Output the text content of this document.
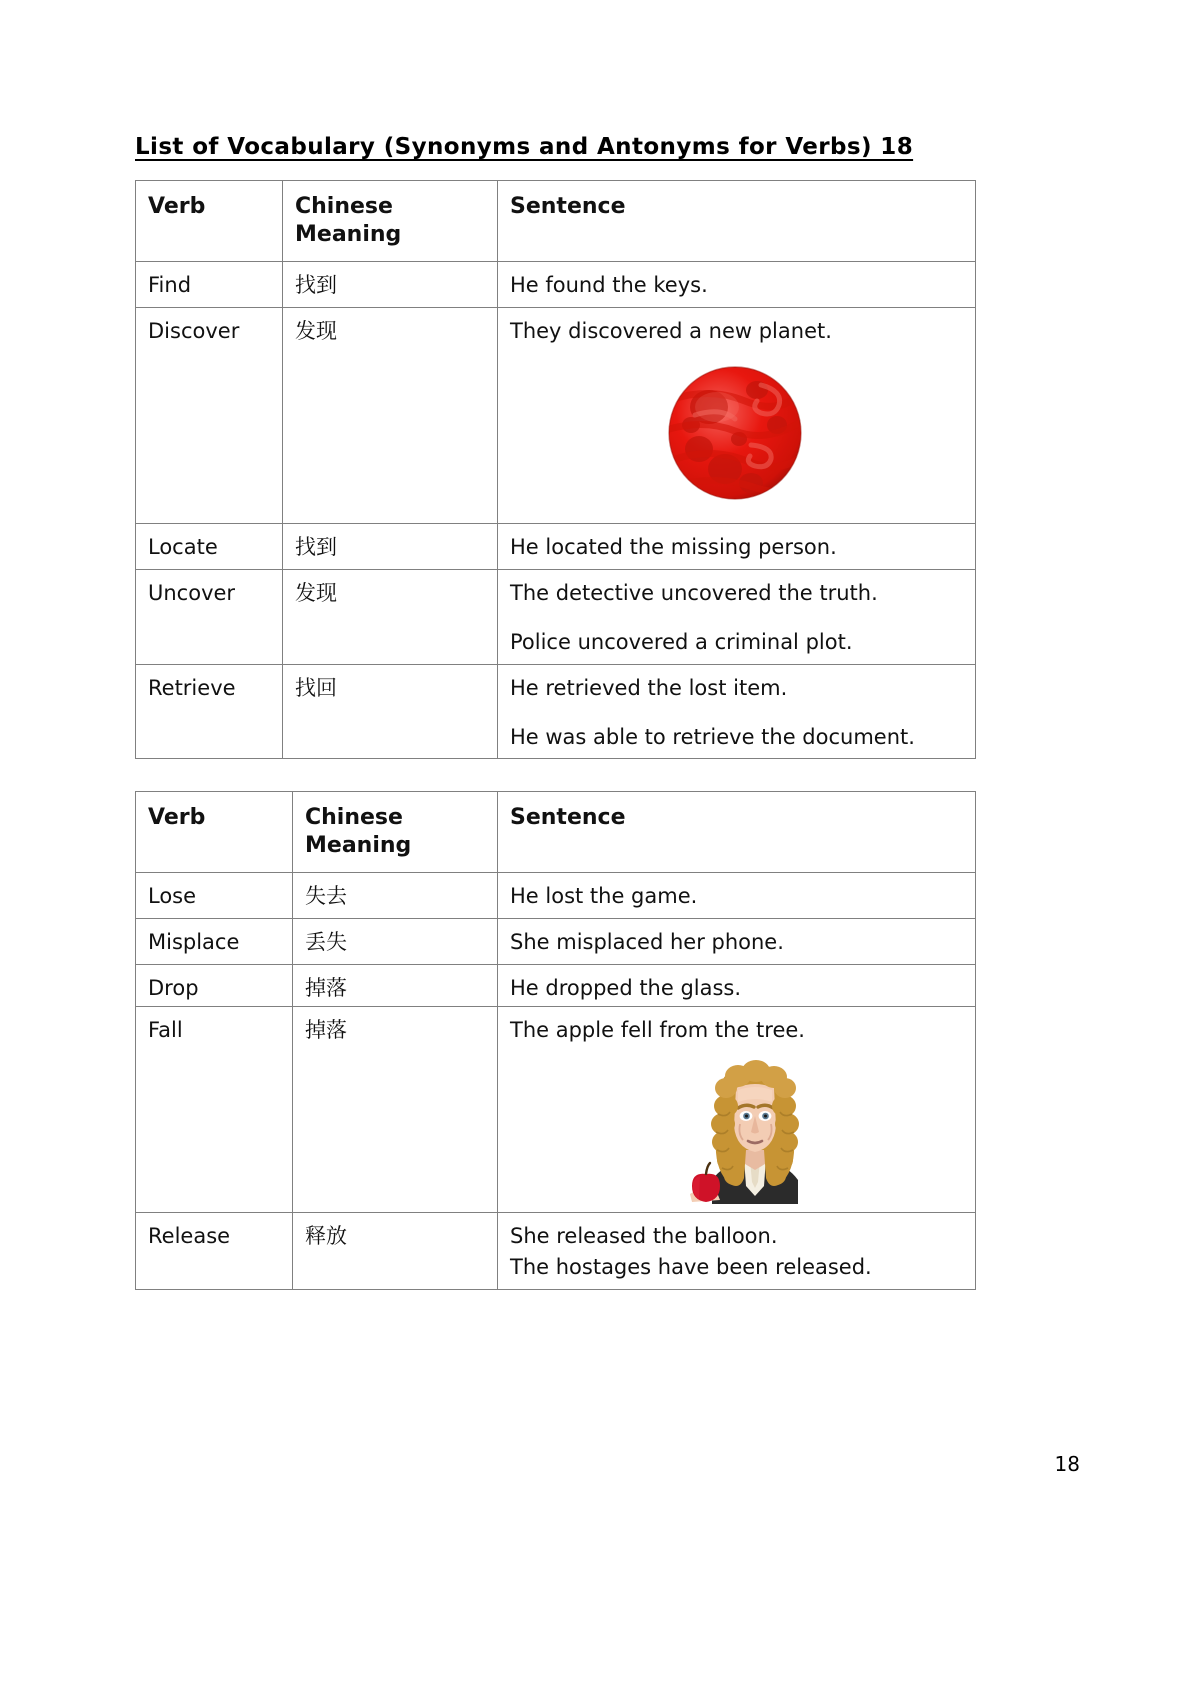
List of Vocabulary (Synonyms and Antonyms for Verbs) 18
Verb	Chinese Meaning	Sentence
Find	找到	He found the keys.

Discover	发现	They discovered a new planet.

Locate	找到	He located the missing person.

Uncover	发现	The detective uncovered the truth.
Police uncovered a criminal plot.

Retrieve	找回	He retrieved the lost item.
He was able to retrieve the document.
Verb	Chinese Meaning	Sentence
Lose	失去	He lost the game.

Misplace	丢失	She misplaced her phone.

Drop	掉落	He dropped the glass.

Fall	掉落	The apple fell from the tree.

Release	释放	She released the balloon.
The hostages have been released.
18
